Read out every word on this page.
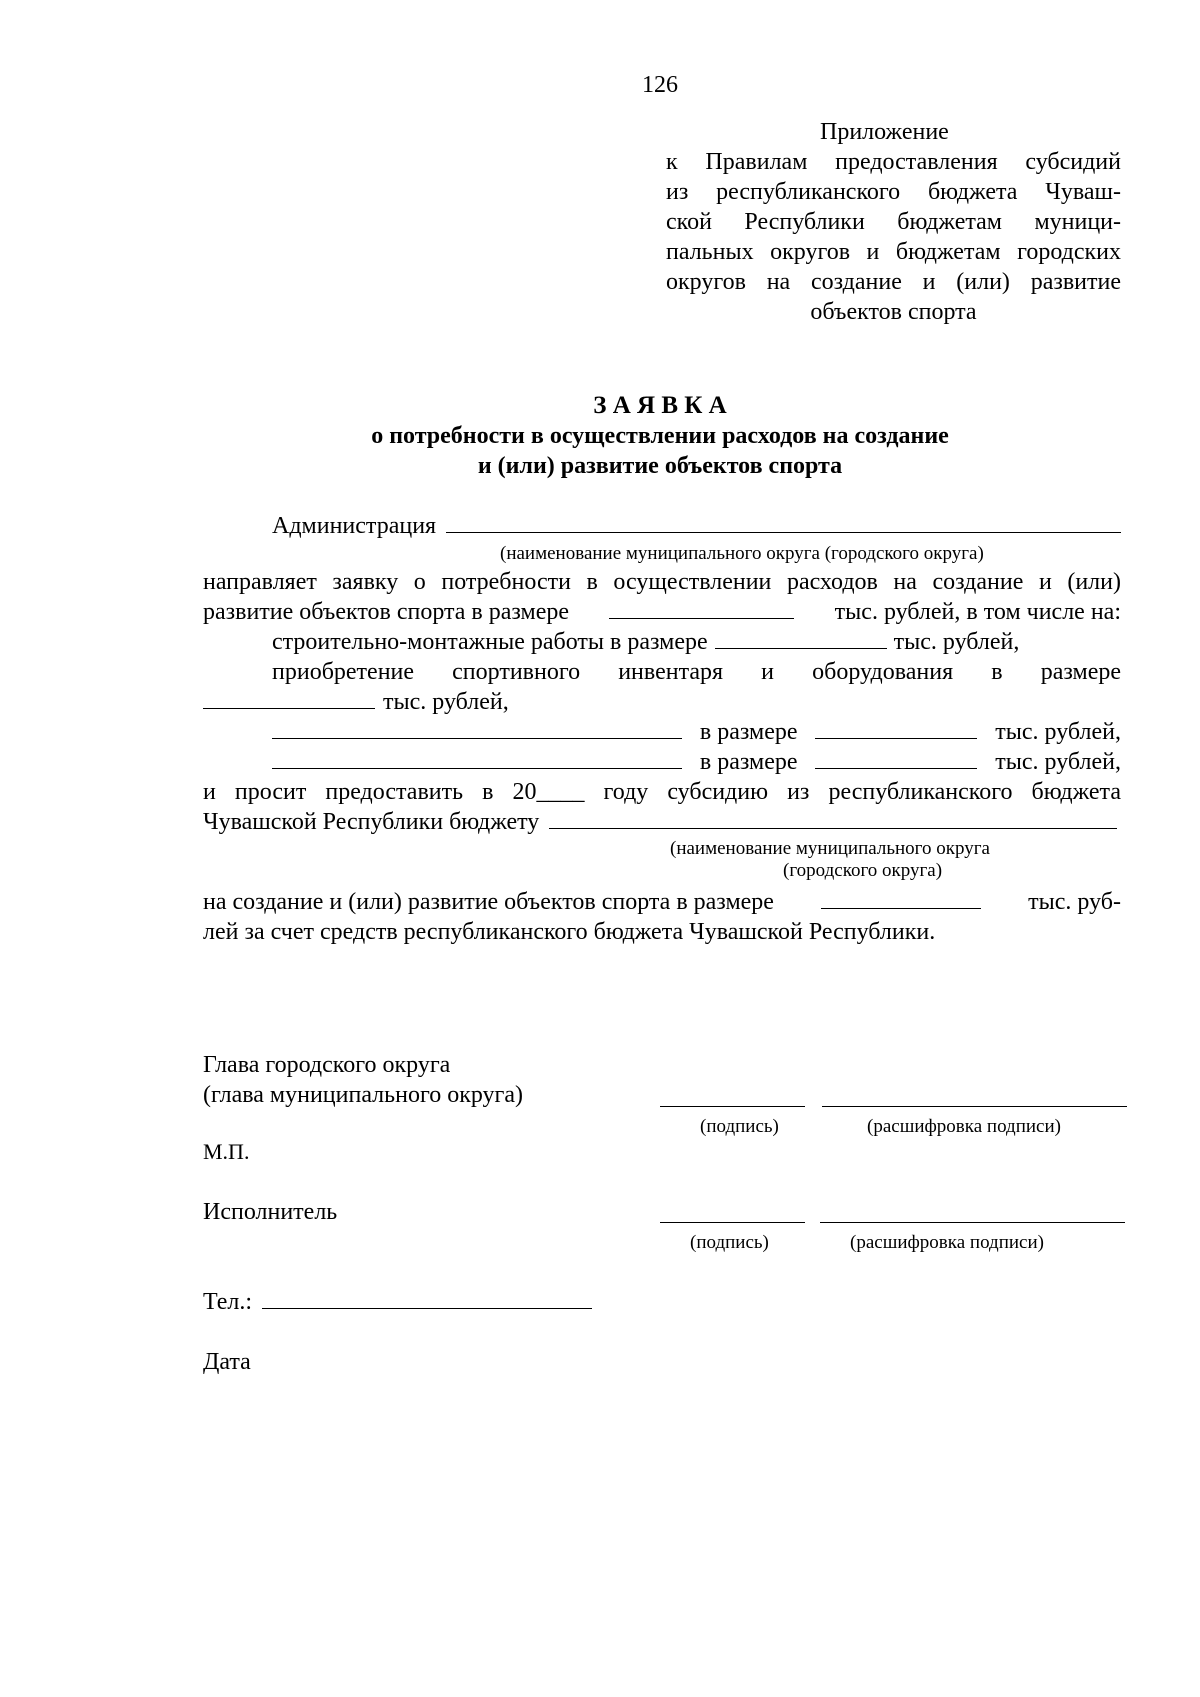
126
Приложение
к Правилам предоставления субсидий
из республиканского бюджета Чуваш-
ской Республики бюджетам муници-
пальных округов и бюджетам городских
округов на создание и (или) развитие
объектов спорта
З А Я В К А
о потребности в осуществлении расходов на создание
и (или) развитие объектов спорта
Администрация
(наименование муниципального округа (городского округа)
направляет заявку о потребности в осуществлении расходов на создание и (или)
развитие объектов спорта в размере	тыс. рублей, в том числе на:
строительно-монтажные работы в размере	тыс. рублей,
приобретение спортивного инвентаря и оборудования в размере
тыс. рублей,
в размере	тыс. рублей,
в размере	тыс. рублей,
и просит предоставить в 20____ году субсидию из республиканского бюджета
Чувашской Республики бюджету
(наименование муниципального округа
(городского округа)
на создание и (или) развитие объектов спорта в размере	тыс. руб-
лей за счет средств республиканского бюджета Чувашской Республики.
Глава городского округа
(глава муниципального округа)
(подпись)	(расшифровка подписи)
М.П.
Исполнитель
(подпись)	(расшифровка подписи)
Тел.:
Дата
